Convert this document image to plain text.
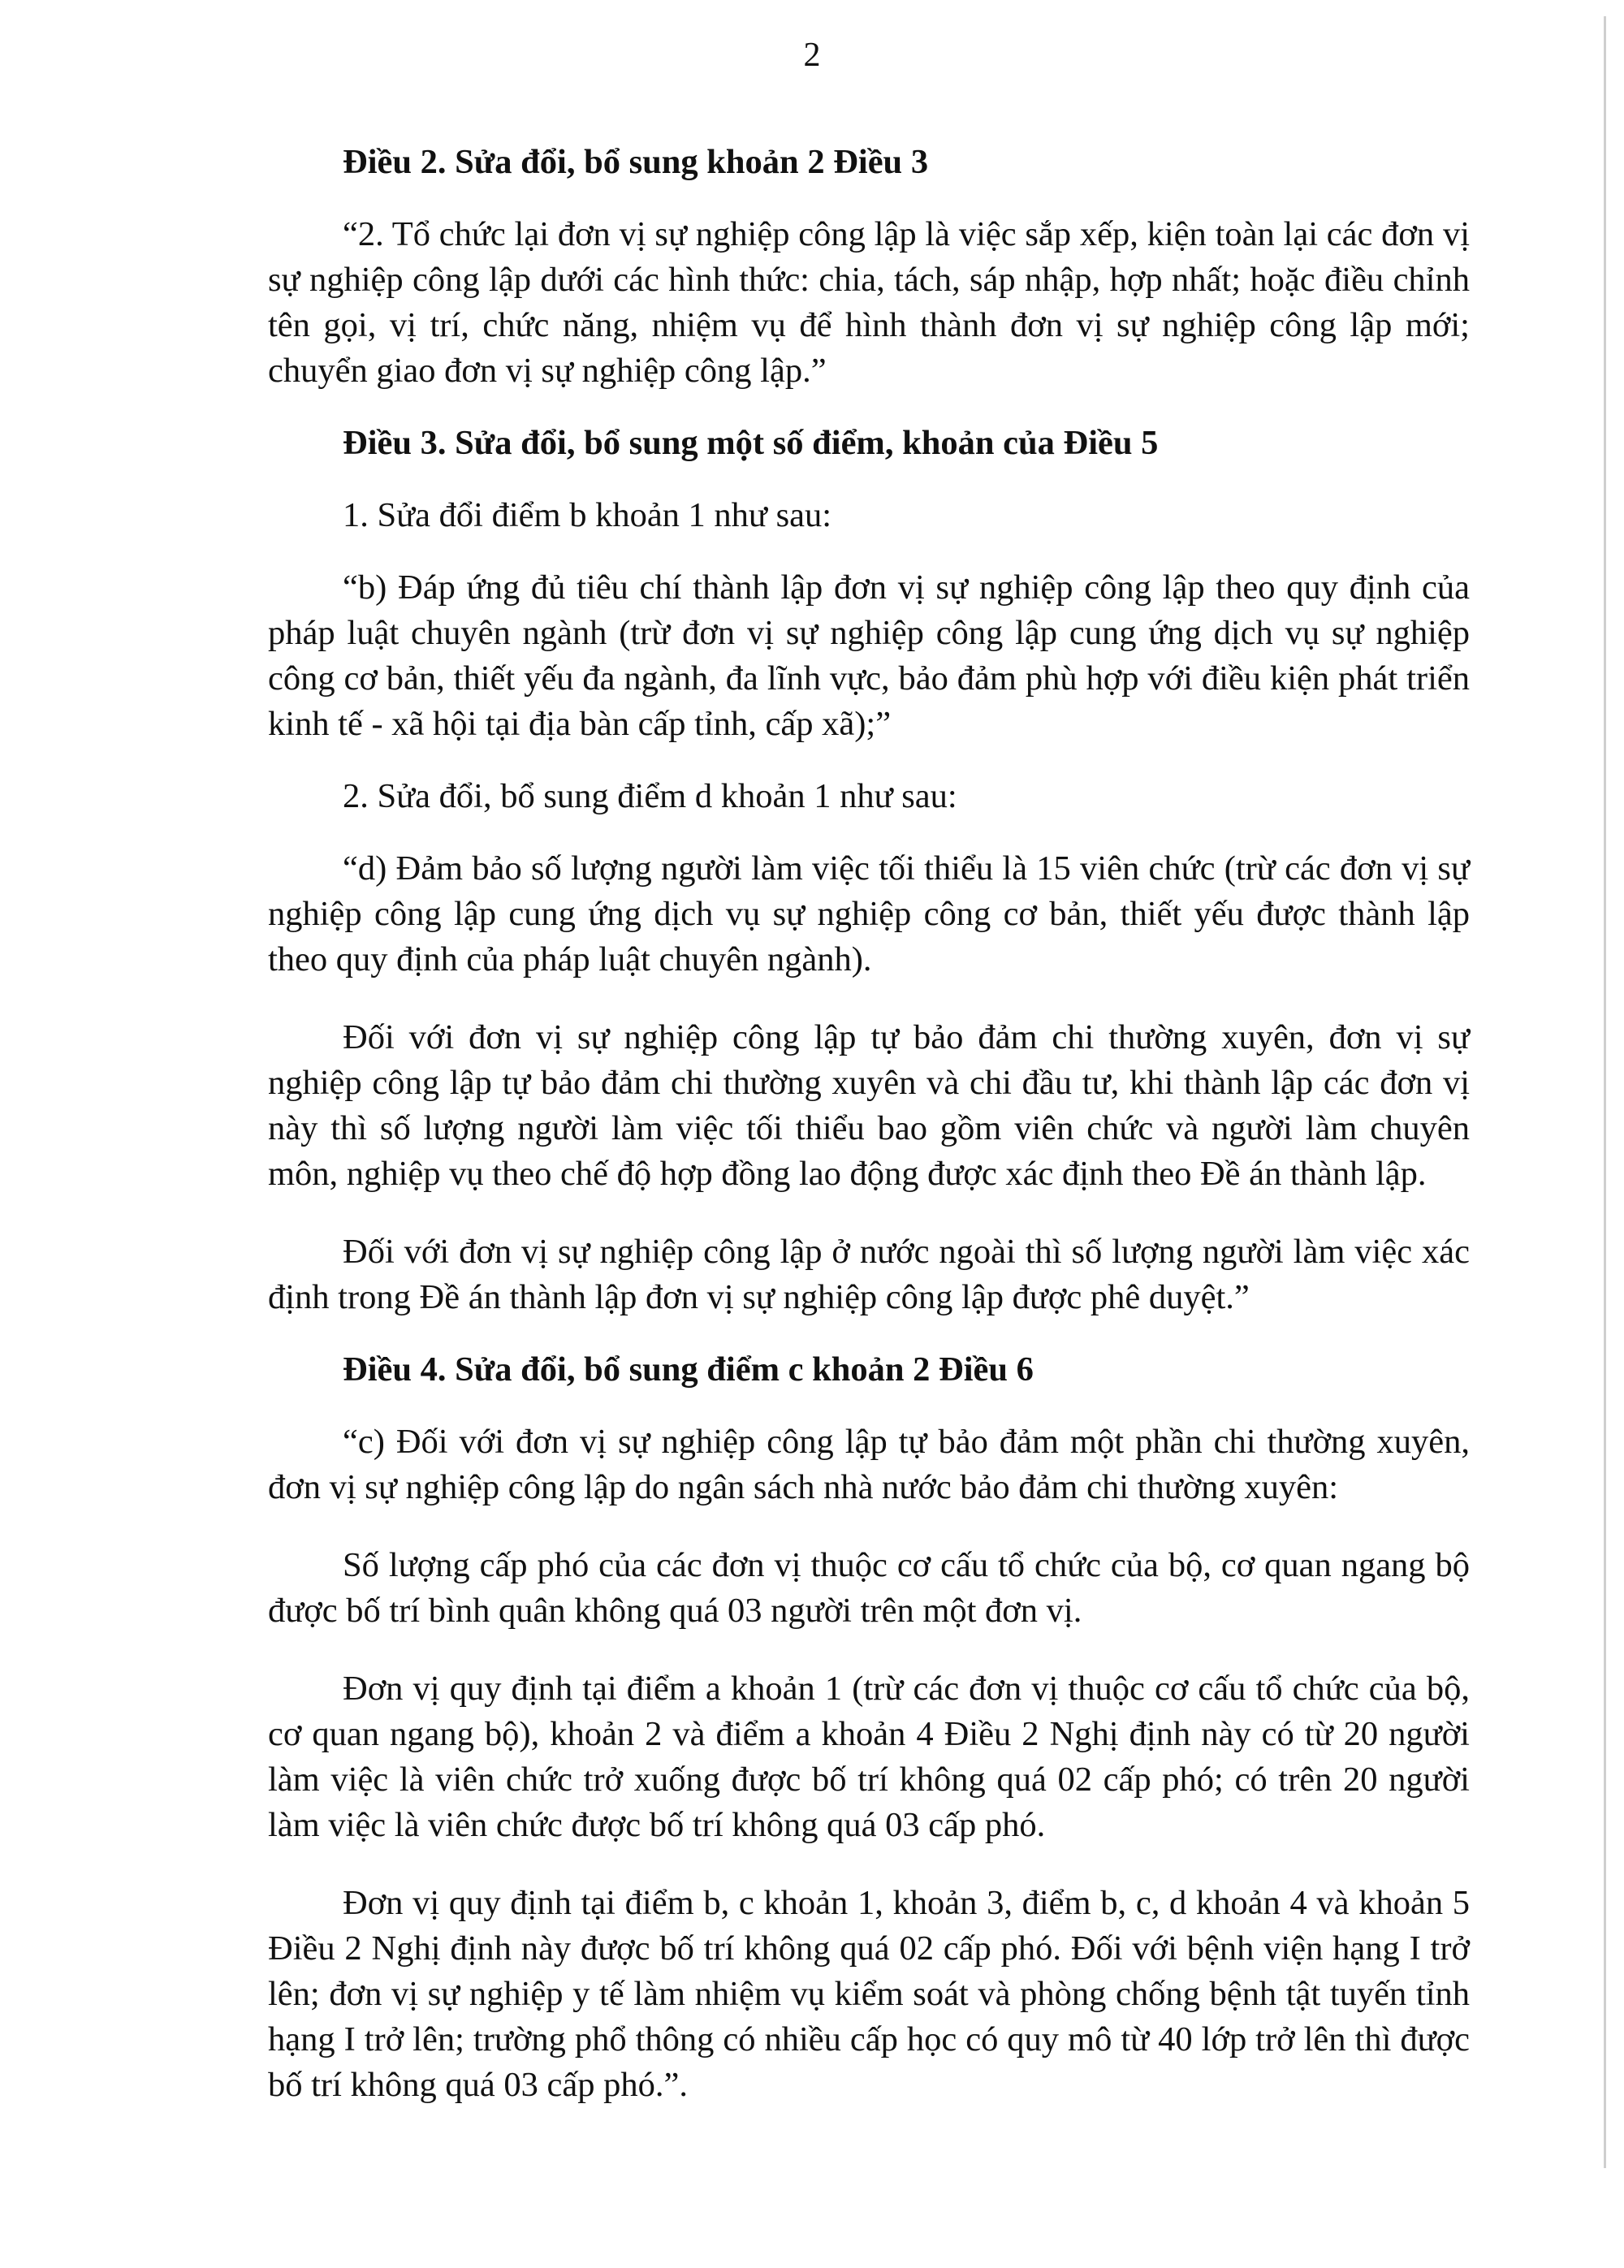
2

Điều 2. Sửa đổi, bổ sung khoản 2 Điều 3

“2. Tổ chức lại đơn vị sự nghiệp công lập là việc sắp xếp, kiện toàn lại các đơn vị sự nghiệp công lập dưới các hình thức: chia, tách, sáp nhập, hợp nhất; hoặc điều chỉnh tên gọi, vị trí, chức năng, nhiệm vụ để hình thành đơn vị sự nghiệp công lập mới; chuyển giao đơn vị sự nghiệp công lập.”

Điều 3. Sửa đổi, bổ sung một số điểm, khoản của Điều 5

1. Sửa đổi điểm b khoản 1 như sau:

“b) Đáp ứng đủ tiêu chí thành lập đơn vị sự nghiệp công lập theo quy định của pháp luật chuyên ngành (trừ đơn vị sự nghiệp công lập cung ứng dịch vụ sự nghiệp công cơ bản, thiết yếu đa ngành, đa lĩnh vực, bảo đảm phù hợp với điều kiện phát triển kinh tế - xã hội tại địa bàn cấp tỉnh, cấp xã);”

2. Sửa đổi, bổ sung điểm d khoản 1 như sau:

“d) Đảm bảo số lượng người làm việc tối thiểu là 15 viên chức (trừ các đơn vị sự nghiệp công lập cung ứng dịch vụ sự nghiệp công cơ bản, thiết yếu được thành lập theo quy định của pháp luật chuyên ngành).

Đối với đơn vị sự nghiệp công lập tự bảo đảm chi thường xuyên, đơn vị sự nghiệp công lập tự bảo đảm chi thường xuyên và chi đầu tư, khi thành lập các đơn vị này thì số lượng người làm việc tối thiểu bao gồm viên chức và người làm chuyên môn, nghiệp vụ theo chế độ hợp đồng lao động được xác định theo Đề án thành lập.

Đối với đơn vị sự nghiệp công lập ở nước ngoài thì số lượng người làm việc xác định trong Đề án thành lập đơn vị sự nghiệp công lập được phê duyệt.”

Điều 4. Sửa đổi, bổ sung điểm c khoản 2 Điều 6

“c) Đối với đơn vị sự nghiệp công lập tự bảo đảm một phần chi thường xuyên, đơn vị sự nghiệp công lập do ngân sách nhà nước bảo đảm chi thường xuyên:

Số lượng cấp phó của các đơn vị thuộc cơ cấu tổ chức của bộ, cơ quan ngang bộ được bố trí bình quân không quá 03 người trên một đơn vị.

Đơn vị quy định tại điểm a khoản 1 (trừ các đơn vị thuộc cơ cấu tổ chức của bộ, cơ quan ngang bộ), khoản 2 và điểm a khoản 4 Điều 2 Nghị định này có từ 20 người làm việc là viên chức trở xuống được bố trí không quá 02 cấp phó; có trên 20 người làm việc là viên chức được bố trí không quá 03 cấp phó.

Đơn vị quy định tại điểm b, c khoản 1, khoản 3, điểm b, c, d khoản 4 và khoản 5 Điều 2 Nghị định này được bố trí không quá 02 cấp phó. Đối với bệnh viện hạng I trở lên; đơn vị sự nghiệp y tế làm nhiệm vụ kiểm soát và phòng chống bệnh tật tuyến tỉnh hạng I trở lên; trường phổ thông có nhiều cấp học có quy mô từ 40 lớp trở lên thì được bố trí không quá 03 cấp phó.”.
